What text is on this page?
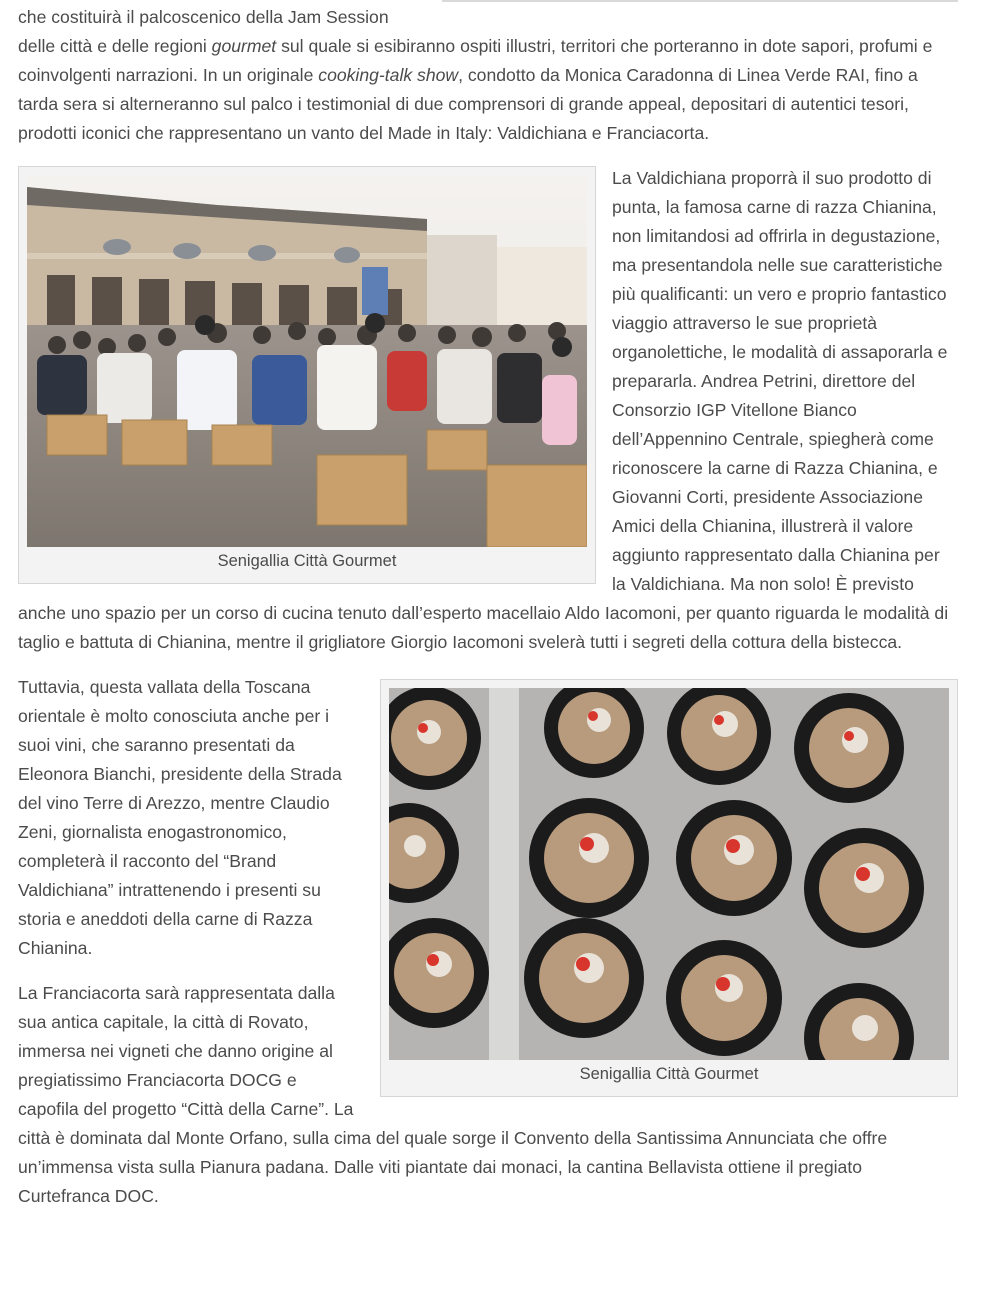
che costituirà il palcoscenico della Jam Session
delle città e delle regioni gourmet sul quale si esibiranno ospiti illustri, territori che porteranno in dote sapori, profumi e coinvolgenti narrazioni. In un originale cooking-talk show, condotto da Monica Caradonna di Linea Verde RAI, fino a tarda sera si alterneranno sul palco i testimonial di due comprensori di grande appeal, depositari di autentici tesori, prodotti iconici che rappresentano un vanto del Made in Italy: Valdichiana e Franciacorta.

Senigallia Città Gourmet

La Valdichiana proporrà il suo prodotto di punta, la famosa carne di razza Chianina, non limitandosi ad offrirla in degustazione, ma presentandola nelle sue caratteristiche più qualificanti: un vero e proprio fantastico viaggio attraverso le sue proprietà organolettiche, le modalità di assaporarla e prepararla. Andrea Petrini, direttore del Consorzio IGP Vitellone Bianco dell’Appennino Centrale, spiegherà come riconoscere la carne di Razza Chianina, e Giovanni Corti, presidente Associazione Amici della Chianina, illustrerà il valore aggiunto rappresentato dalla Chianina per la Valdichiana. Ma non solo! È previsto anche uno spazio per un corso di cucina tenuto dall’esperto macellaio Aldo Iacomoni, per quanto riguarda le modalità di taglio e battuta di Chianina, mentre il grigliatore Giorgio Iacomoni svelerà tutti i segreti della cottura della bistecca.

Senigallia Città Gourmet

Tuttavia, questa vallata della Toscana orientale è molto conosciuta anche per i suoi vini, che saranno presentati da Eleonora Bianchi, presidente della Strada del vino Terre di Arezzo, mentre Claudio Zeni, giornalista enogastronomico, completerà il racconto del “Brand Valdichiana” intrattenendo i presenti su storia e aneddoti della carne di Razza Chianina.

La Franciacorta sarà rappresentata dalla sua antica capitale, la città di Rovato, immersa nei vigneti che danno origine al pregiatissimo Franciacorta DOCG e capofila del progetto “Città della Carne”. La città è dominata dal Monte Orfano, sulla cima del quale sorge il Convento della Santissima Annunciata che offre un’immensa vista sulla Pianura padana. Dalle viti piantate dai monaci, la cantina Bellavista ottiene il pregiato Curtefranca DOC.
